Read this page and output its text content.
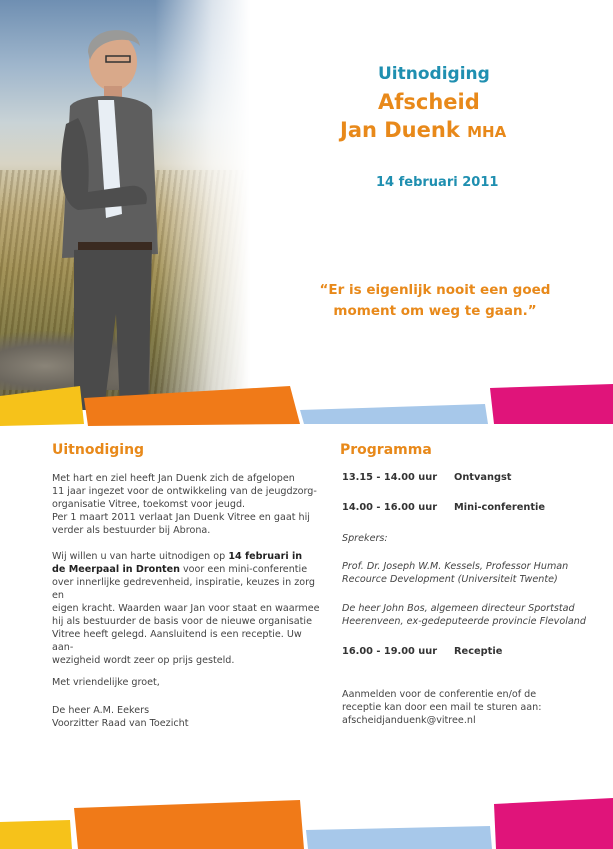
Uitnodiging
Afscheid
Jan Duenk MHA
14 februari 2011
“Er is eigenlijk nooit een goed
moment om weg te gaan.”
Uitnodiging
Met hart en ziel heeft Jan Duenk zich de afgelopen
11 jaar ingezet voor de ontwikkeling van de jeugdzorg-
organisatie Vitree, toekomst voor jeugd.
Per 1 maart 2011 verlaat Jan Duenk Vitree en gaat hij
verder als bestuurder bij Abrona.
Wij willen u van harte uitnodigen op 14 februari in
de Meerpaal in Dronten voor een mini-conferentie
over innerlijke gedrevenheid, inspiratie, keuzes in zorg en
eigen kracht. Waarden waar Jan voor staat en waarmee
hij als bestuurder de basis voor de nieuwe organisatie
Vitree heeft gelegd. Aansluitend is een receptie. Uw aan-
wezigheid wordt zeer op prijs gesteld.
Met vriendelijke groet,
De heer A.M. Eekers
Voorzitter Raad van Toezicht
Programma
13.15 - 14.00 uur Ontvangst
14.00 - 16.00 uur Mini-conferentie
Sprekers:
Prof. Dr. Joseph W.M. Kessels, Professor Human
Recource Development (Universiteit Twente)
De heer John Bos, algemeen directeur Sportstad
Heerenveen, ex-gedeputeerde provincie Flevoland
16.00 - 19.00 uur Receptie
Aanmelden voor de conferentie en/of de
receptie kan door een mail te sturen aan:
afscheidjanduenk@vitree.nl
